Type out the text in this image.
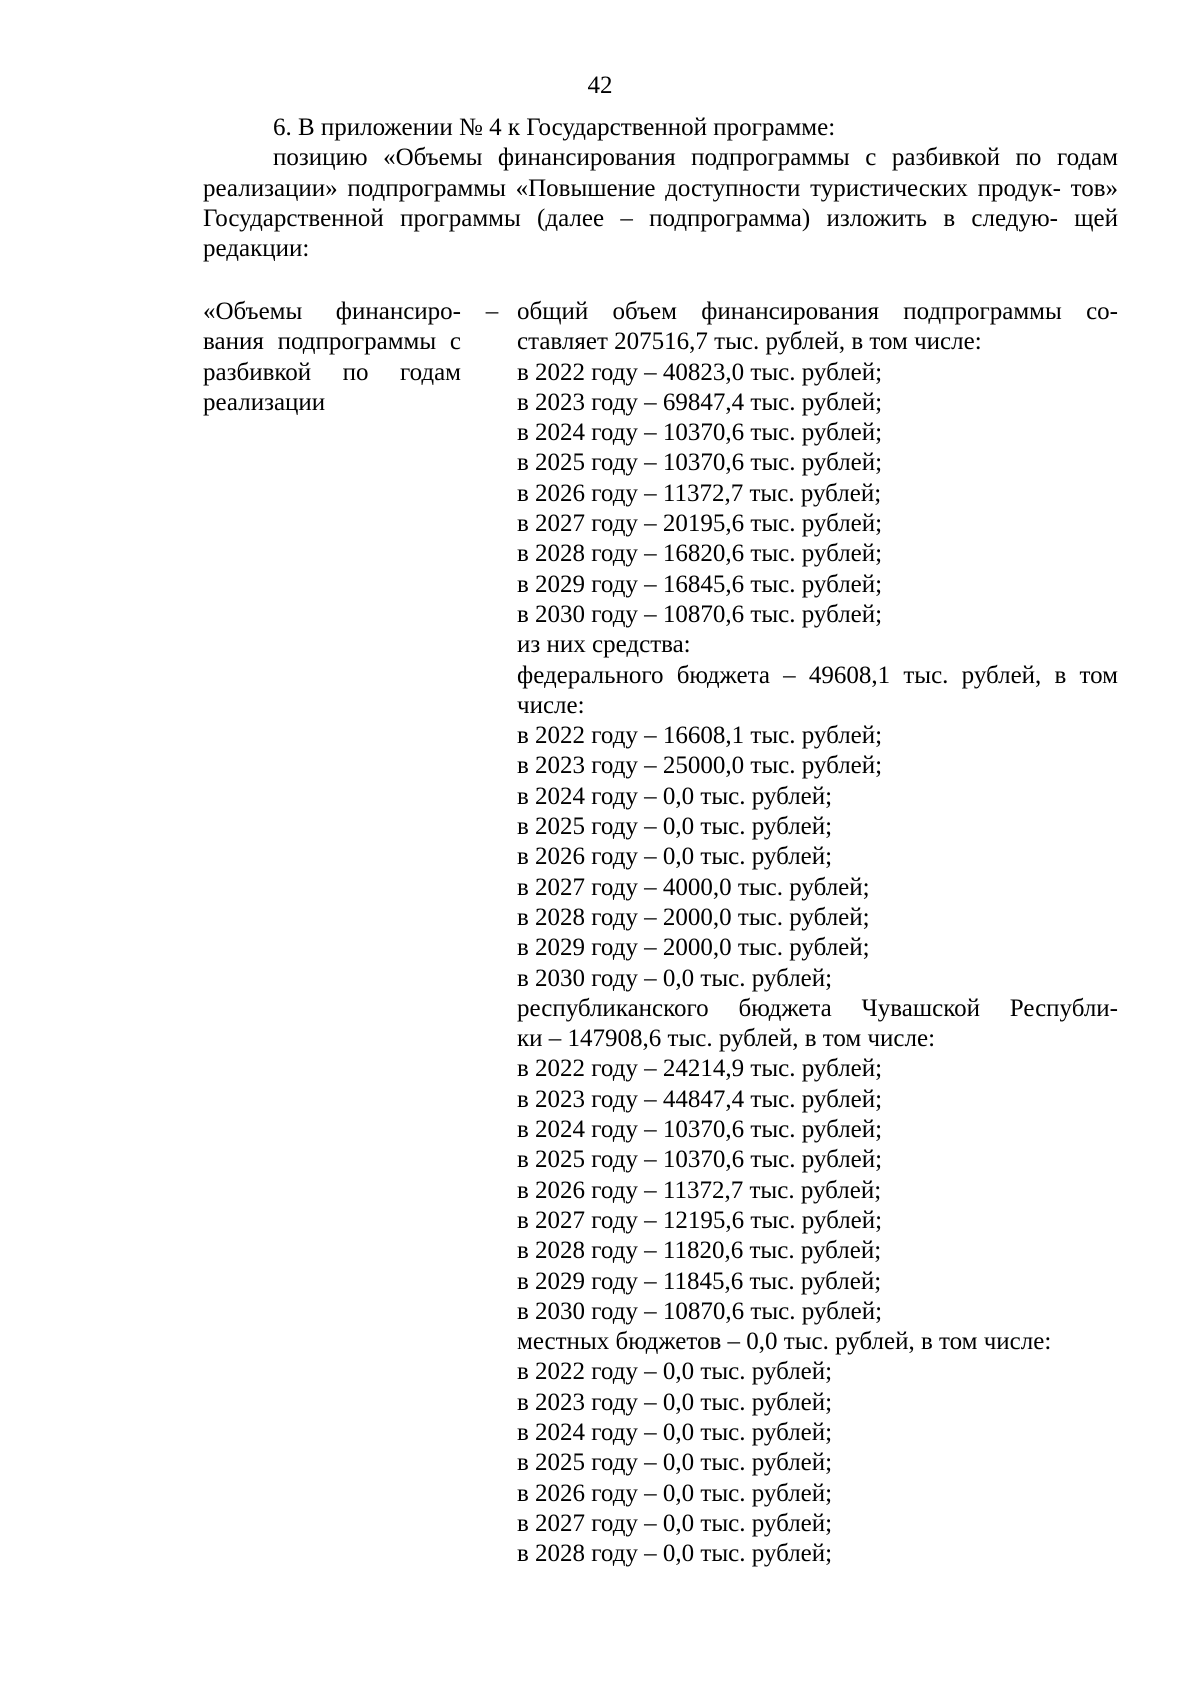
42

6. В приложении № 4 к Государственной программе:

позицию «Объемы финансирования подпрограммы с разбивкой по годам реализации» подпрограммы «Повышение доступности туристических продук- тов» Государственной программы (далее – подпрограмма) изложить в следую- щей редакции:

«Объемы финансиро-
вания подпрограммы с
разбивкой по годам
реализации
– общий объем финансирования подпрограммы со-
ставляет 207516,7 тыс. рублей, в том числе:
в 2022 году – 40823,0 тыс. рублей;
в 2023 году – 69847,4 тыс. рублей;
в 2024 году – 10370,6 тыс. рублей;
в 2025 году – 10370,6 тыс. рублей;
в 2026 году – 11372,7 тыс. рублей;
в 2027 году – 20195,6 тыс. рублей;
в 2028 году – 16820,6 тыс. рублей;
в 2029 году – 16845,6 тыс. рублей;
в 2030 году – 10870,6 тыс. рублей;
из них средства:
федерального бюджета – 49608,1 тыс. рублей, в том
числе:
в 2022 году – 16608,1 тыс. рублей;
в 2023 году – 25000,0 тыс. рублей;
в 2024 году – 0,0 тыс. рублей;
в 2025 году – 0,0 тыс. рублей;
в 2026 году – 0,0 тыс. рублей;
в 2027 году – 4000,0 тыс. рублей;
в 2028 году – 2000,0 тыс. рублей;
в 2029 году – 2000,0 тыс. рублей;
в 2030 году – 0,0 тыс. рублей;
республиканского бюджета Чувашской Республи-
ки – 147908,6 тыс. рублей, в том числе:
в 2022 году – 24214,9 тыс. рублей;
в 2023 году – 44847,4 тыс. рублей;
в 2024 году – 10370,6 тыс. рублей;
в 2025 году – 10370,6 тыс. рублей;
в 2026 году – 11372,7 тыс. рублей;
в 2027 году – 12195,6 тыс. рублей;
в 2028 году – 11820,6 тыс. рублей;
в 2029 году – 11845,6 тыс. рублей;
в 2030 году – 10870,6 тыс. рублей;
местных бюджетов – 0,0 тыс. рублей, в том числе:
в 2022 году – 0,0 тыс. рублей;
в 2023 году – 0,0 тыс. рублей;
в 2024 году – 0,0 тыс. рублей;
в 2025 году – 0,0 тыс. рублей;
в 2026 году – 0,0 тыс. рублей;
в 2027 году – 0,0 тыс. рублей;
в 2028 году – 0,0 тыс. рублей;
